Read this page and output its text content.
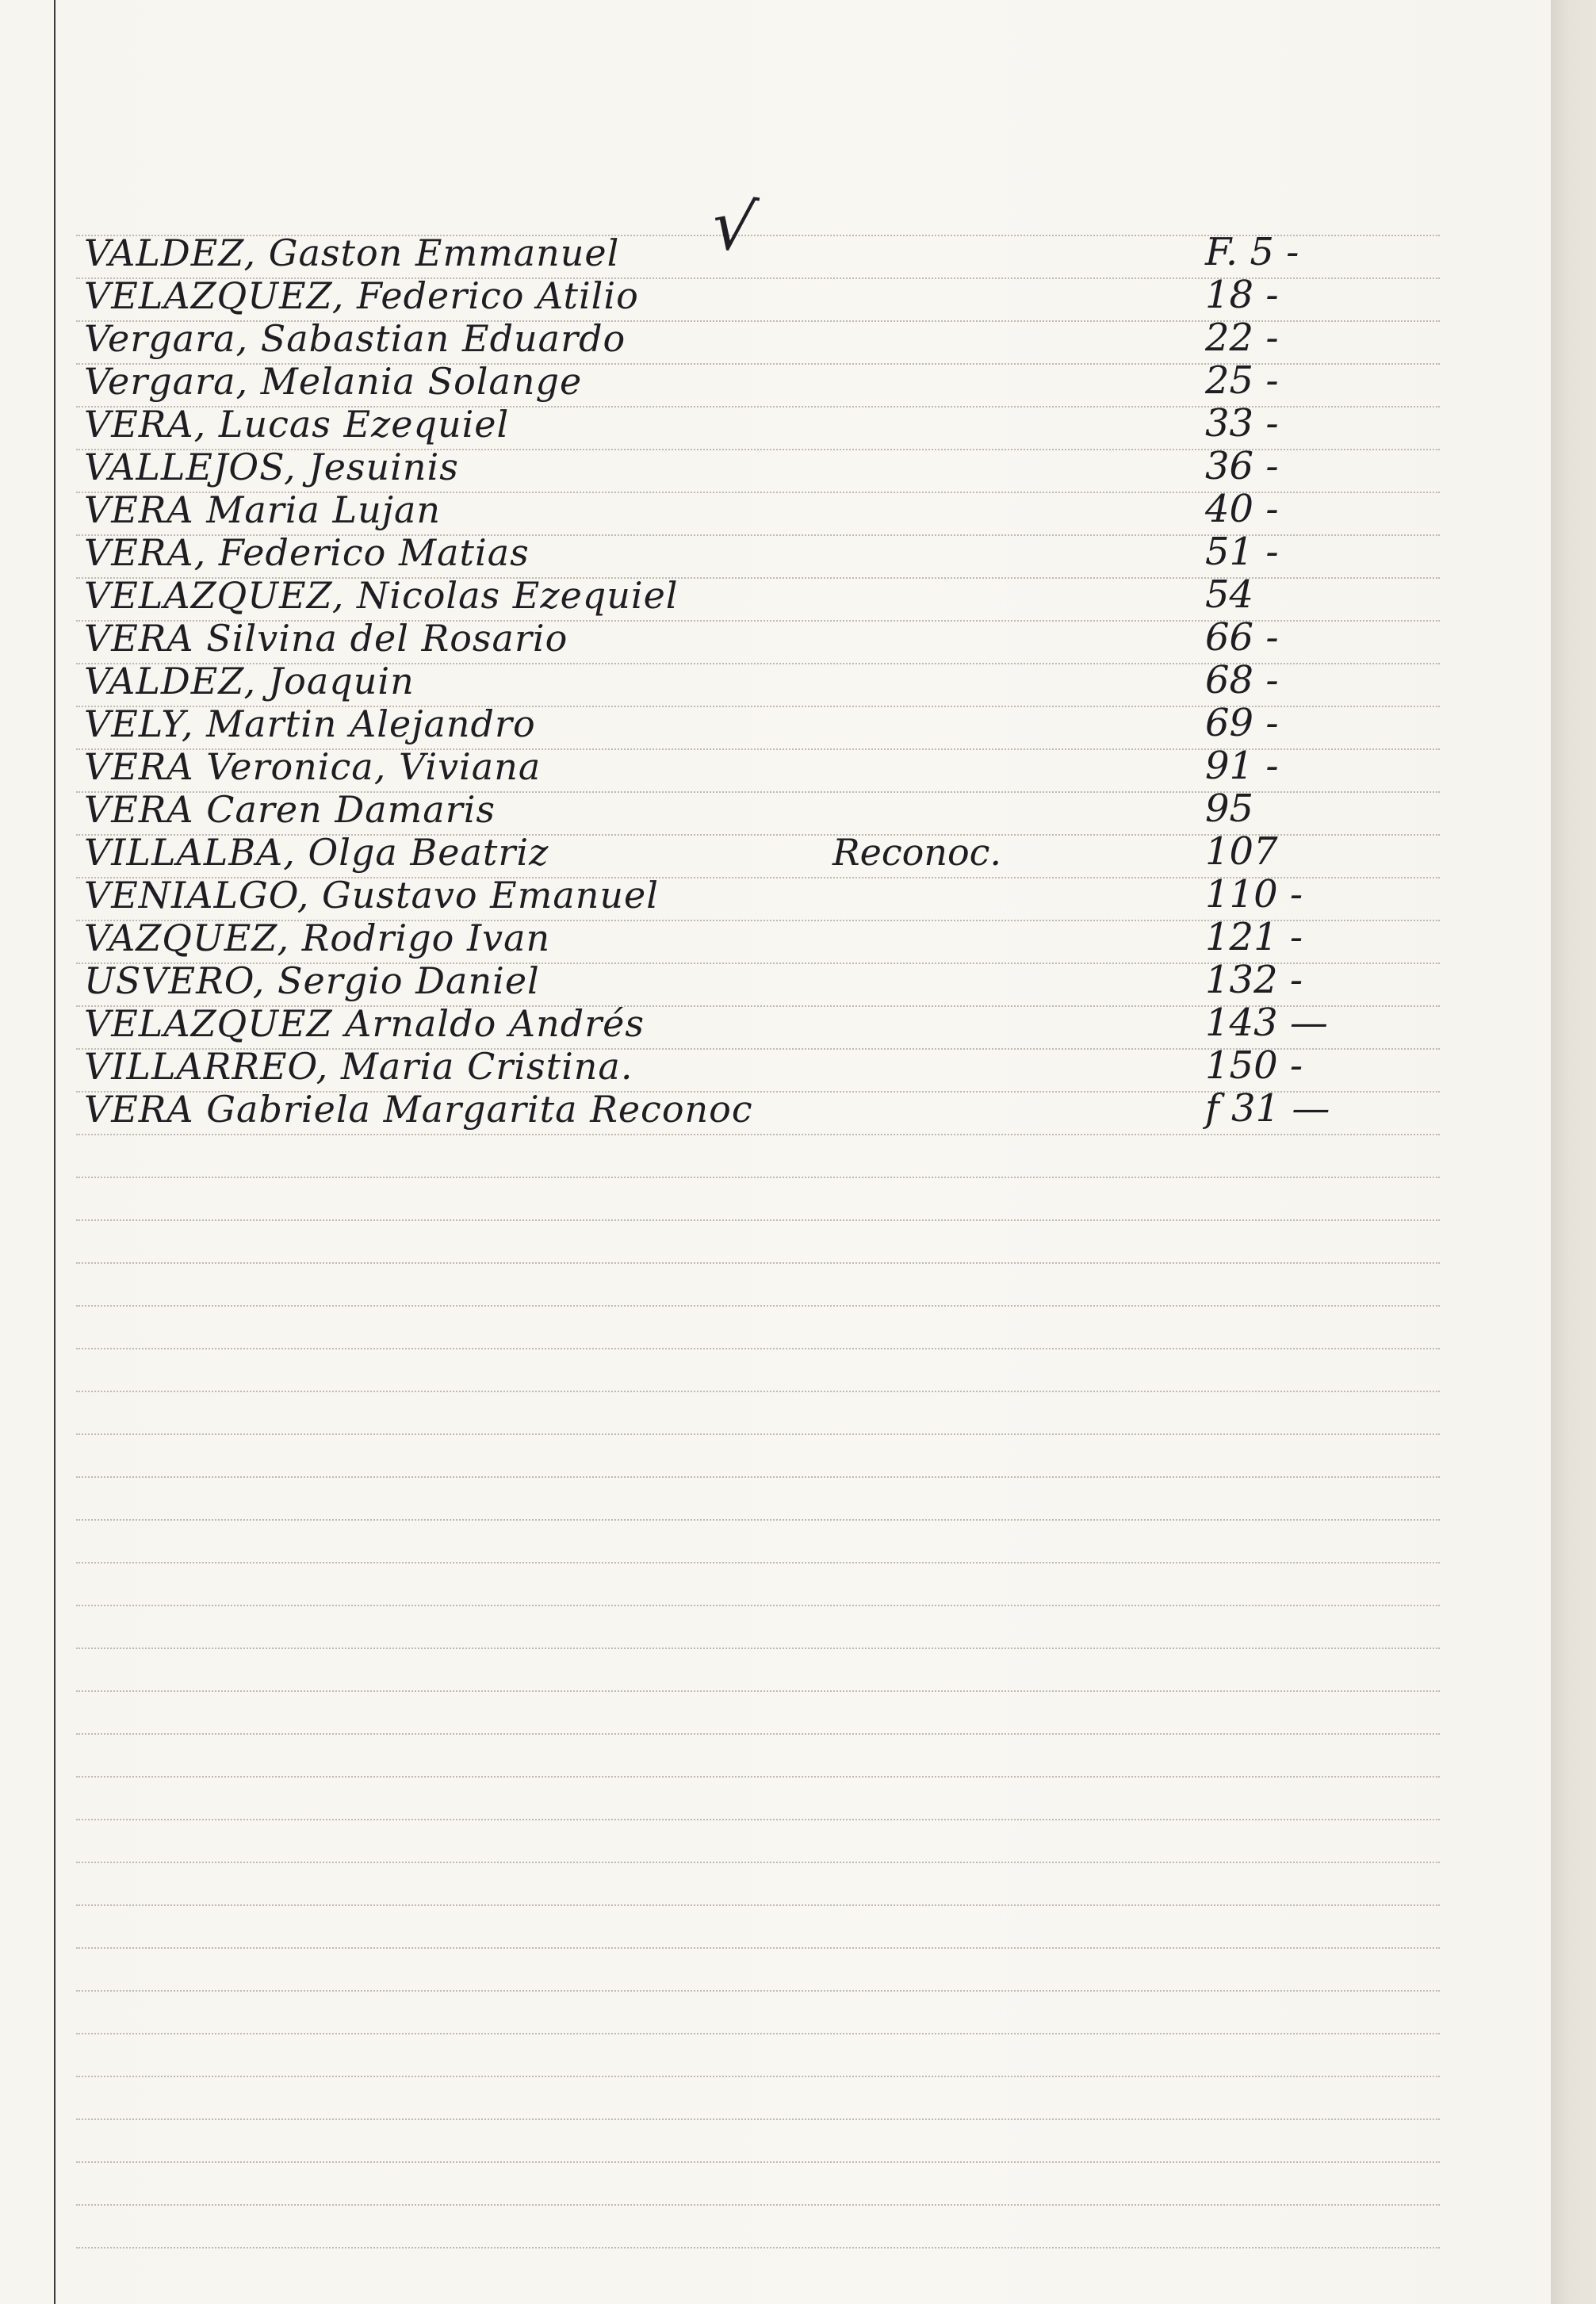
√
VALDEZ, Gaston Emmanuel	F. 5 -
VELAZQUEZ, Federico Atilio	18 -
Vergara, Sabastian Eduardo	22 -
Vergara, Melania Solange	25 -
VERA, Lucas Ezequiel	33 -
VALLEJOS, Jesuinis	36 -
VERA Maria Lujan	40 -
VERA, Federico Matias	51 -
VELAZQUEZ, Nicolas Ezequiel	54
VERA Silvina del Rosario	66 -
VALDEZ, Joaquin	68 -
VELY, Martin Alejandro	69 -
VERA Veronica, Viviana	91 -
VERA Caren Damaris	95
VILLALBA, Olga Beatriz	Reconoc.	107
VENIALGO, Gustavo Emanuel	110 -
VAZQUEZ, Rodrigo Ivan	121 -
USVERO, Sergio Daniel	132 -
VELAZQUEZ Arnaldo Andrés	143 —
VILLARREO, Maria Cristina.	150 -
VERA Gabriela Margarita Reconoc	f 31 —
